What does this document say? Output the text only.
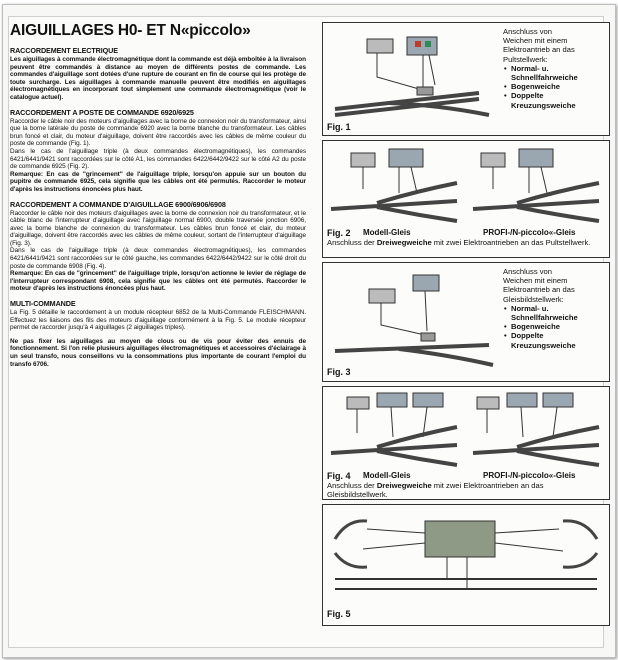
AIGUILLAGES H0- ET N«piccolo»
RACCORDEMENT ELECTRIQUE

Les aiguillages à commande électromagnétique dont la commande est déjà emboîtée à la livraison peuvent être commandés à distance au moyen de différents postes de commande. Les commandes d'aiguillage sont dotées d'une rupture de courant en fin de course qui les protège de toute surcharge. Les aiguillages à commande manuelle peuvent être modifiés en aiguillages électromagnétiques en incorporant tout simplement une commande électromagnétique (voir le catalogue actuel).

RACCORDEMENT A POSTE DE COMMANDE 6920/6925

Raccorder le câble noir des moteurs d'aiguillages avec la borne de connexion noir du transformateur, ainsi que la borne latérale du poste de commande 6920 avec la borne blanche du transformateur. Les câbles brun foncé et clair, du moteur d'aiguillage, doivent être raccordés avec les câbles de même couleur du poste de commande (Fig. 1).

Dans le cas de l'aiguillage triple (à deux commandes électromagnétiques), les commandes 6421/6441/9421 sont raccordées sur le côté A1, les commandes 6422/6442/9422 sur le côté A2 du poste de commande 6925 (Fig. 2).

Remarque: En cas de "grincement" de l'aiguillage triple, lorsqu'on appuie sur un bouton du pupitre de commande 6925, cela signifie que les câbles ont été permutés. Raccorder le moteur d'après les instructions énoncées plus haut.

RACCORDEMENT A COMMANDE D'AIGUILLAGE 6900/6906/6908

Raccorder le câble noir des moteurs d'aiguillages avec la borne de connexion noir du transformateur, et le câble blanc de l'interrupteur d'aiguillage avec l'aiguillage normal 6900, double traversée jonction 6906, avec la borne blanche de connexion du transformateur. Les câbles brun foncé et clair, du moteur d'aiguillage, doivent être raccordés avec les câbles de même couleur, sortant de l'interrupteur d'aiguillage (Fig. 3).

Dans le cas de l'aiguillage triple (à deux commandes électromagnétiques), les commandes 6421/6441/9421 sont raccordées sur le côté gauche, les commandes 6422/6442/9422 sur le côté droit du poste de commande 6908 (Fig. 4).

Remarque: En cas de "grincement" de l'aiguillage triple, lorsqu'on actionne le levier de réglage de l'interrupteur correspondant 6908, cela signifie que les câbles ont été permutés. Raccorder le moteur d'après les instructions énoncées plus haut.

MULTI-COMMANDE

La Fig. 5 détaille le raccordement à un module récepteur 6852 de la Multi-Commande FLEISCHMANN. Effectuez les liaisons des fils des moteurs d'aiguillage conformément à la Fig. 5. Le module récepteur permet de raccorder jusqu'à 4 aiguillages (2 aiguillages triples).

Ne pas fixer les aiguillages au moyen de clous ou de vis pour éviter des ennuis de fonctionnement. Si l'on relie plusieurs aiguillages électromagnétiques et accessoires d'éclairage à un seul transfo, nous conseillons vu la consommations plus importante de courant l'emploi du transfo 6706.

Anschluss von
Weichen mit einem
Elektroantrieb an das
Pultstellwerk:
• Normal- u. Schnellfahrweiche
• Bogenweiche
• Doppelte Kreuzungsweiche
Fig. 1
Fig. 2 Modell-Gleis	PROFI-/N-piccolo«-Gleis
Anschluss der Dreiwegweiche mit zwei Elektroantrieben an das Pultstellwerk.
Anschluss von
Weichen mit einem
Elektroantrieb an das
Gleisbildstellwerk:
• Normal- u. Schnellfahrweiche
• Bogenweiche
• Doppelte Kreuzungsweiche
Fig. 3
Fig. 4 Modell-Gleis	PROFI-/N-piccolo«-Gleis
Anschluss der Dreiwegweiche mit zwei Elektroantrieben an das Gleisbildstellwerk.
Fig. 5
